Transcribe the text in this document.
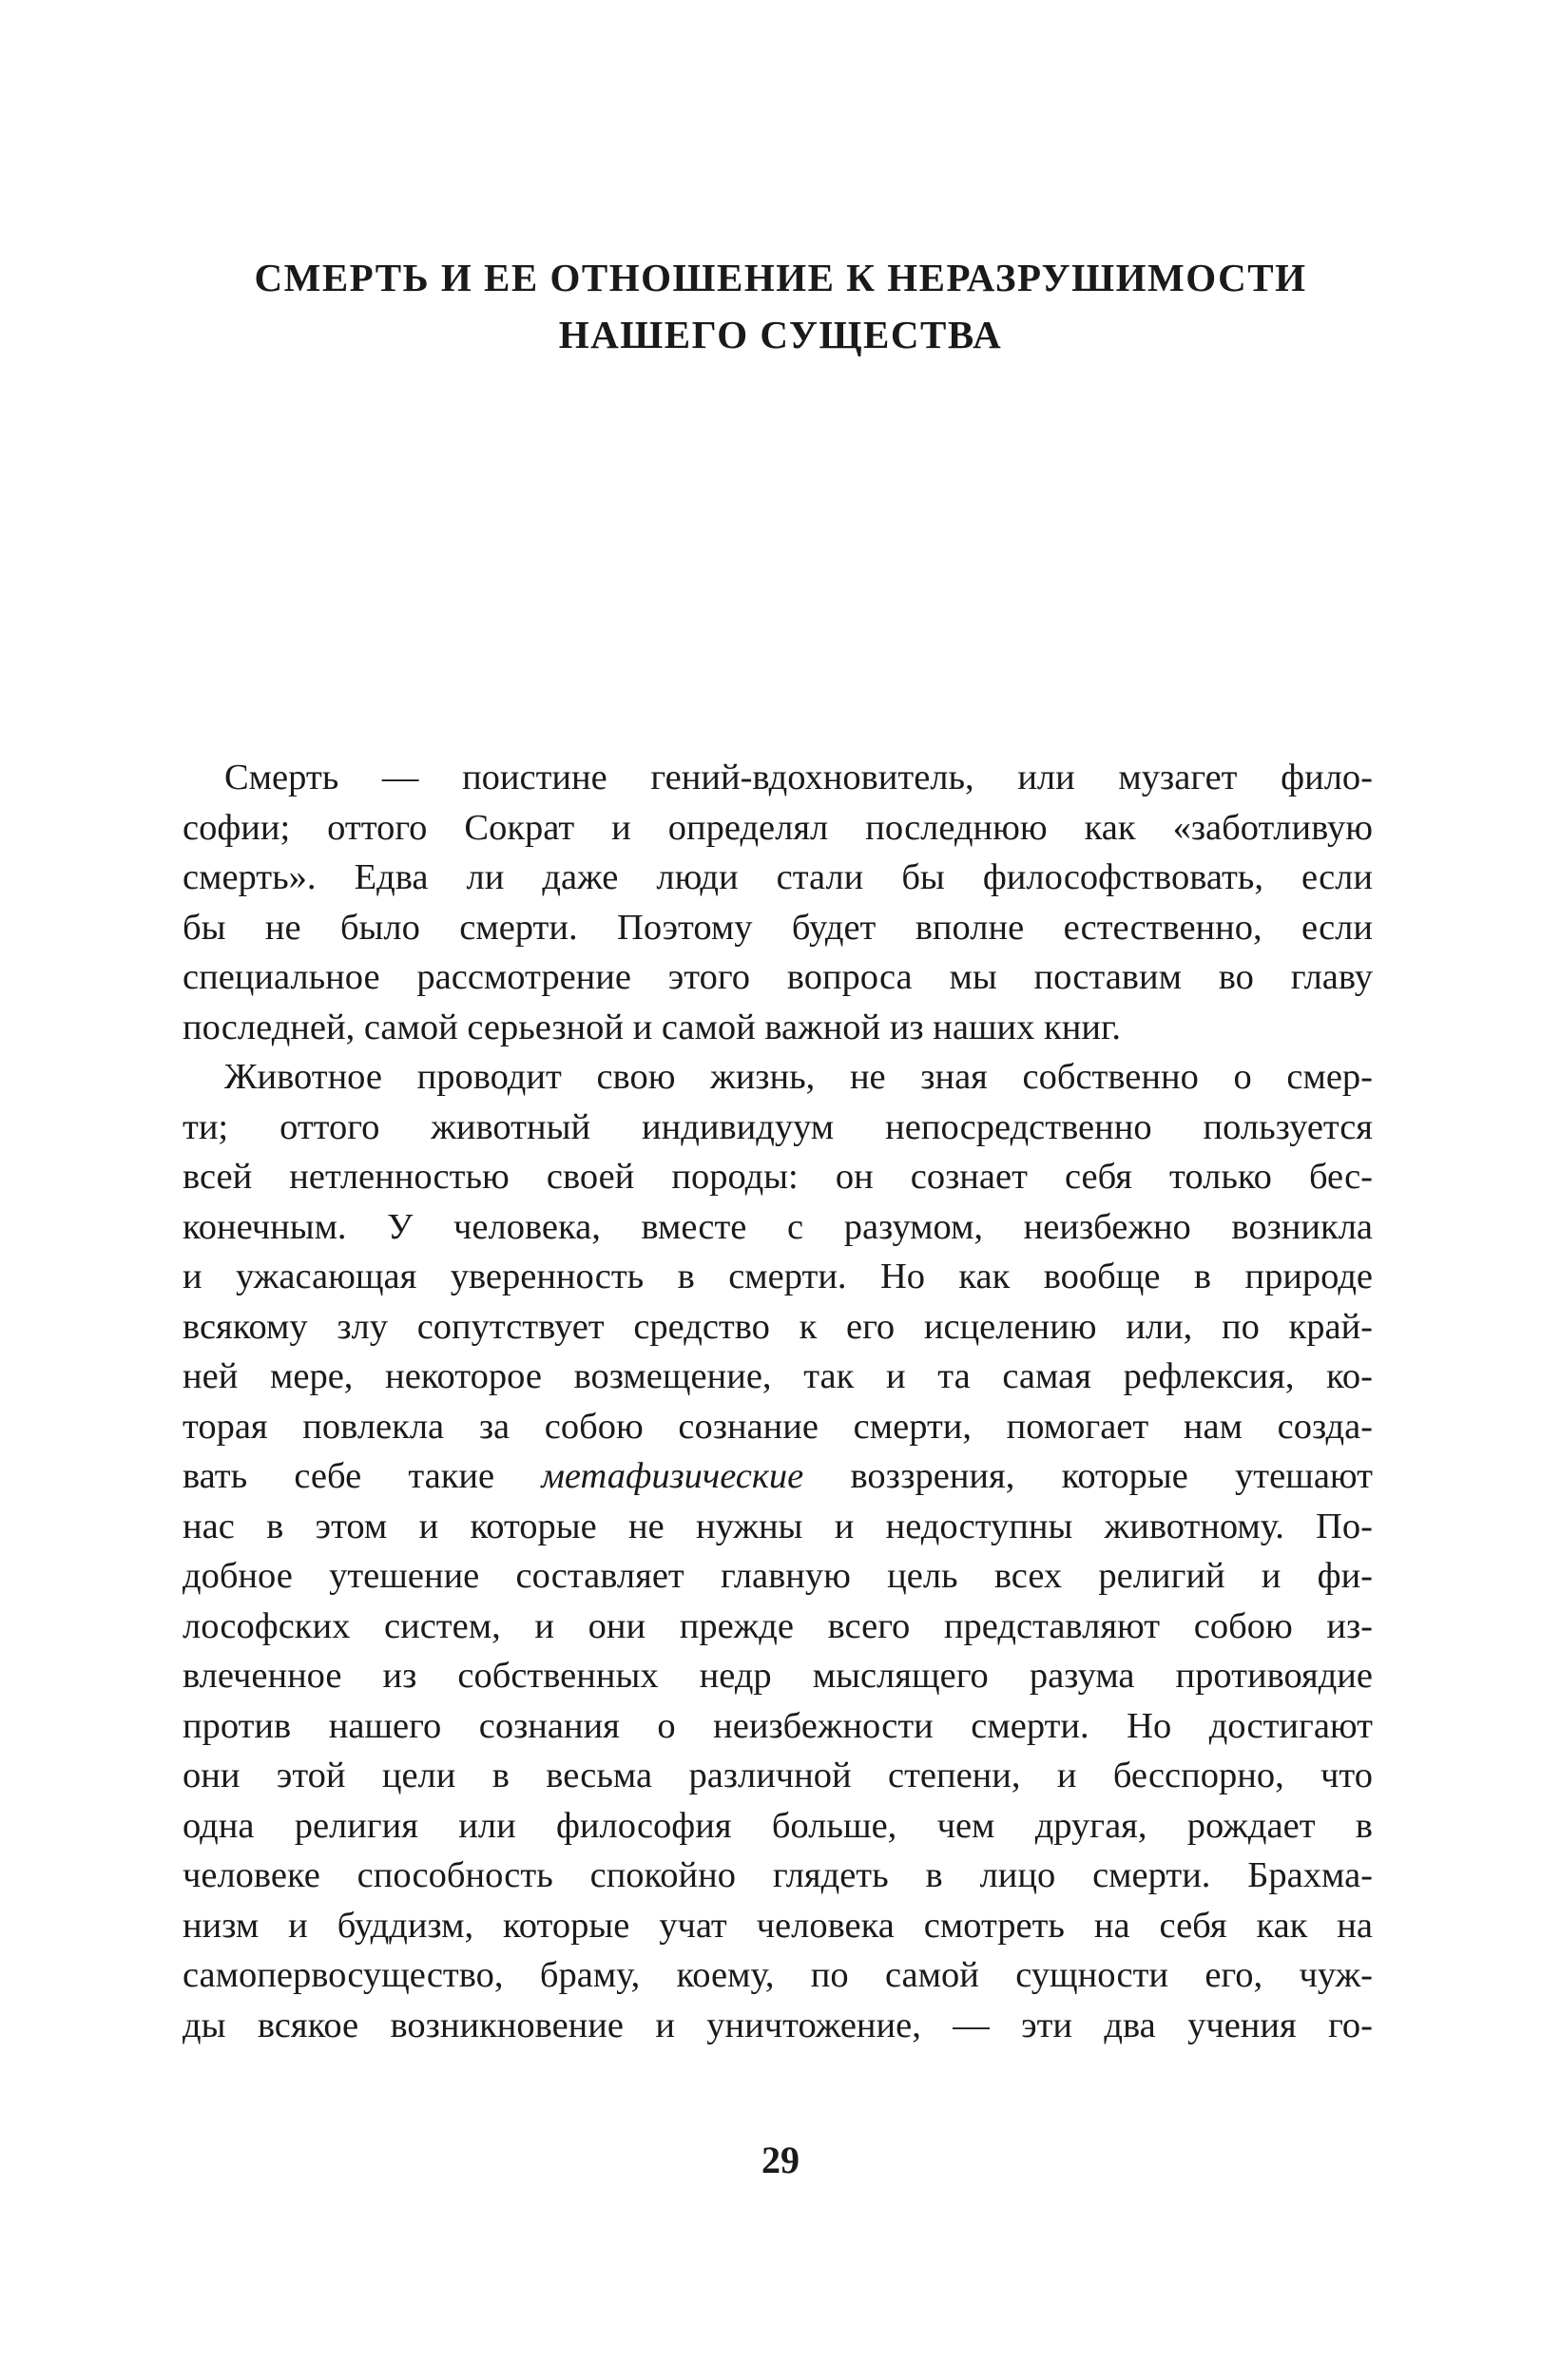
СМЕРТЬ И ЕЕ ОТНОШЕНИЕ К НЕРАЗРУШИМОСТИ
НАШЕГО СУЩЕСТВА
Смерть — поистине гений-вдохновитель, или музагет фило-
софии; оттого Сократ и определял последнюю как «заботливую
смерть». Едва ли даже люди стали бы философствовать, если
бы не было смерти. Поэтому будет вполне естественно, если
специальное рассмотрение этого вопроса мы поставим во главу
последней, самой серьезной и самой важной из наших книг.
Животное проводит свою жизнь, не зная собственно о смер-
ти; оттого животный индивидуум непосредственно пользуется
всей нетленностью своей породы: он сознает себя только бес-
конечным. У человека, вместе с разумом, неизбежно возникла
и ужасающая уверенность в смерти. Но как вообще в природе
всякому злу сопутствует средство к его исцелению или, по край-
ней мере, некоторое возмещение, так и та самая рефлексия, ко-
торая повлекла за собою сознание смерти, помогает нам созда-
вать себе такие метафизические воззрения, которые утешают
нас в этом и которые не нужны и недоступны животному. По-
добное утешение составляет главную цель всех религий и фи-
лософских систем, и они прежде всего представляют собою из-
влеченное из собственных недр мыслящего разума противоядие
против нашего сознания о неизбежности смерти. Но достигают
они этой цели в весьма различной степени, и бесспорно, что
одна религия или философия больше, чем другая, рождает в
человеке способность спокойно глядеть в лицо смерти. Брахма-
низм и буддизм, которые учат человека смотреть на себя как на
самопервосущество, браму, коему, по самой сущности его, чуж-
ды всякое возникновение и уничтожение, — эти два учения го-
29
